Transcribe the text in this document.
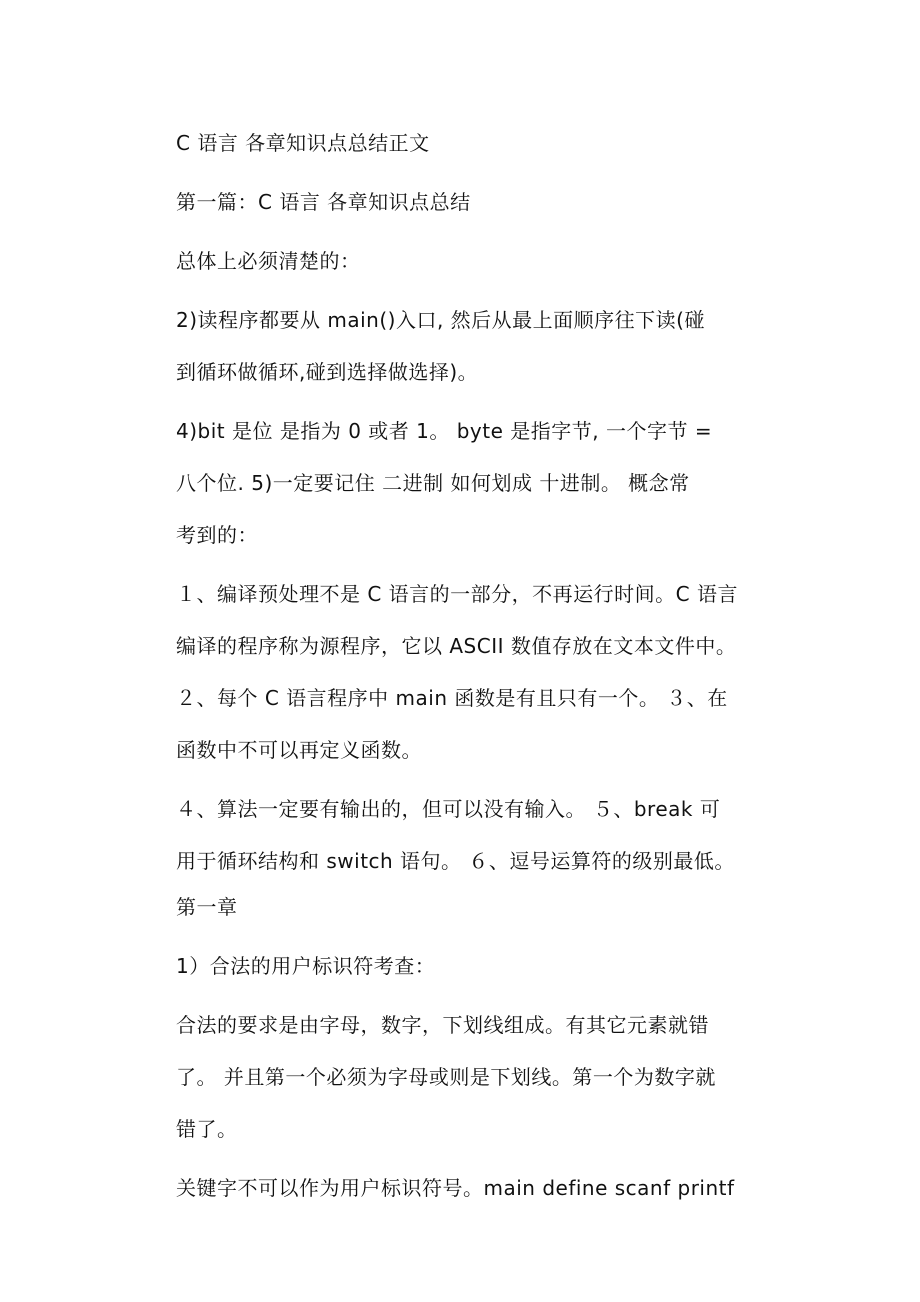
C 语言 各章知识点总结正文
第一篇：C 语言 各章知识点总结
总体上必须清楚的：
2)读程序都要从 main()入口, 然后从最上面顺序往下读(碰
到循环做循环,碰到选择做选择)。
4)bit 是位 是指为 0 或者 1。 byte 是指字节, 一个字节 =
八个位. 5)一定要记住 二进制 如何划成 十进制。 概念常
考到的：
１、编译预处理不是 C 语言的一部分，不再运行时间。C 语言
编译的程序称为源程序，它以 ASCII 数值存放在文本文件中。
２、每个 C 语言程序中 main 函数是有且只有一个。 ３、在
函数中不可以再定义函数。
４、算法一定要有输出的，但可以没有输入。 ５、break 可
用于循环结构和 switch 语句。 ６、逗号运算符的级别最低。
第一章
1）合法的用户标识符考查：
合法的要求是由字母，数字，下划线组成。有其它元素就错
了。 并且第一个必须为字母或则是下划线。第一个为数字就
错了。
关键字不可以作为用户标识符号。main define scanf printf
